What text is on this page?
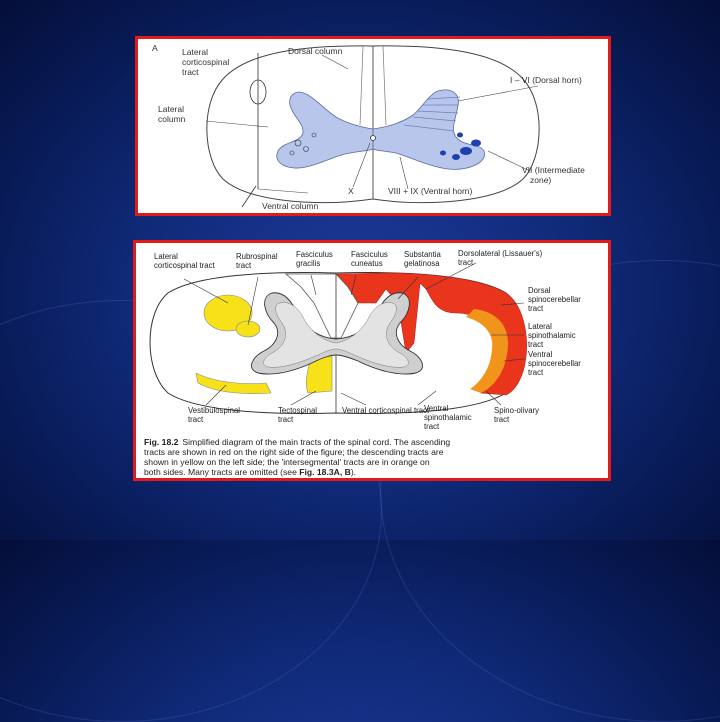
A	Lateral
corticospinal
tract
Dorsal column
I – VI (Dorsal horn)
Lateral
column
VII (Intermediate
zone)
X	VIII + IX (Ventral horn)
Ventral column
Lateral
corticospinal tract
Rubrospinal
tract
Fasciculus
gracilis
Fasciculus
cuneatus
Substantia
gelatinosa
Dorsolateral (Lissauer's)
tract
Dorsal
spinocerebellar
tract
Lateral
spinothalamic
tract
Ventral
spinocerebellar
tract
Vestibulospinal
tract
Tectospinal
tract
Ventral corticospinal tract
Ventral
spinothalamic
tract
Spino-olivary
tract
Fig. 18.2 Simplified diagram of the main tracts of the spinal cord. The ascending
tracts are shown in red on the right side of the figure; the descending tracts are
shown in yellow on the left side; the 'intersegmental' tracts are in orange on
both sides. Many tracts are omitted (see Fig. 18.3A, B).
